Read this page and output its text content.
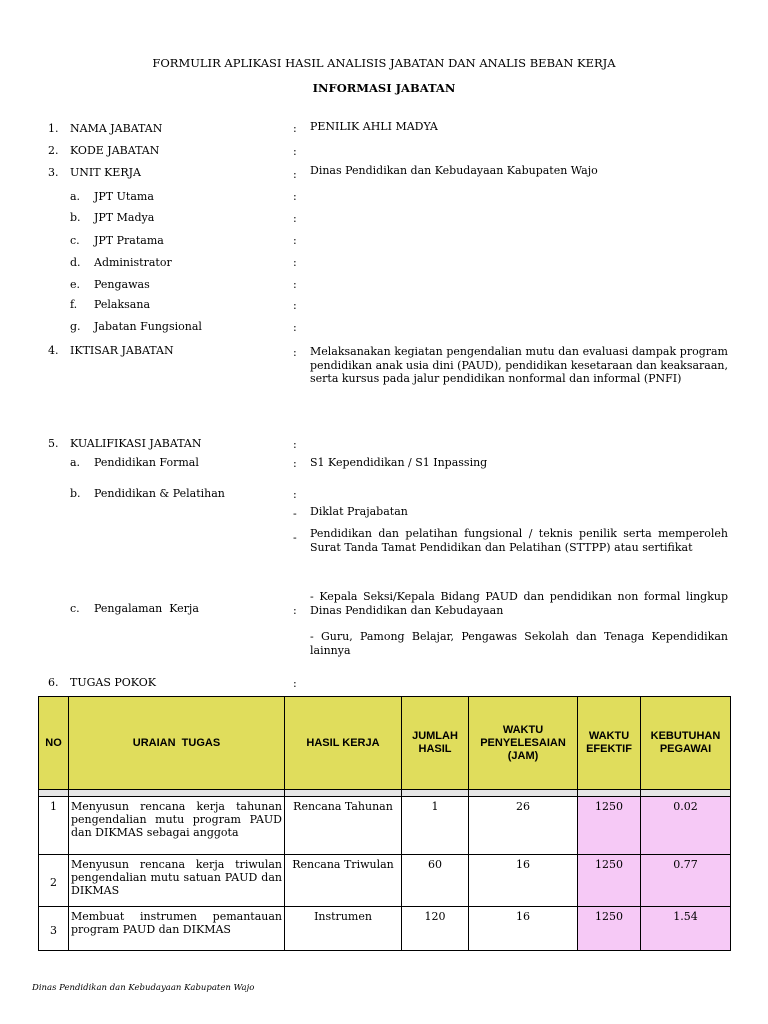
FORMULIR APLIKASI HASIL ANALISIS JABATAN DAN ANALIS BEBAN KERJA
INFORMASI JABATAN
1. NAMA JABATAN	: PENILIK AHLI MADYA
2. KODE JABATAN	:
3. UNIT KERJA	: Dinas Pendidikan dan Kebudayaan Kabupaten Wajo
a. JPT Utama	:
b. JPT Madya	:
c. JPT Pratama	:
d. Administrator	:
e. Pengawas	:
f. Pelaksana	:
g. Jabatan Fungsional	:
4. IKTISAR JABATAN	: Melaksanakan kegiatan pengendalian mutu dan evaluasi dampak program pendidikan anak usia dini (PAUD), pendidikan kesetaraan dan keaksaraan, serta kursus pada jalur pendidikan nonformal dan informal (PNFI)
5. KUALIFIKASI JABATAN	:
a. Pendidikan Formal	: S1 Kependidikan / S1 Inpassing
b. Pendidikan & Pelatihan	:
- Diklat Prajabatan
- Pendidikan dan pelatihan fungsional / teknis penilik serta memperoleh Surat Tanda Tamat Pendidikan dan Pelatihan (STTPP) atau sertifikat
c. Pengalaman  Kerja	:
- Kepala Seksi/Kepala Bidang PAUD dan pendidikan non formal lingkup Dinas Pendidikan dan Kebudayaan
- Guru, Pamong Belajar, Pengawas Sekolah dan Tenaga Kependidikan lainnya
6. TUGAS POKOK	:
NO	URAIAN  TUGAS	HASIL KERJA	JUMLAH HASIL	WAKTU PENYELESAIAN (JAM)	WAKTU EFEKTIF	KEBUTUHAN PEGAWAI

1	Menyusun rencana kerja tahunan pengendalian mutu program PAUD dan DIKMAS sebagai anggota	Rencana Tahunan	1	26	1250	0.02
2	Menyusun rencana kerja triwulan pengendalian mutu satuan PAUD dan DIKMAS	Rencana Triwulan	60	16	1250	0.77
3	Membuat instrumen pemantauan program PAUD dan DIKMAS	Instrumen	120	16	1250	1.54
Dinas Pendidikan dan Kebudayaan Kabupaten Wajo
